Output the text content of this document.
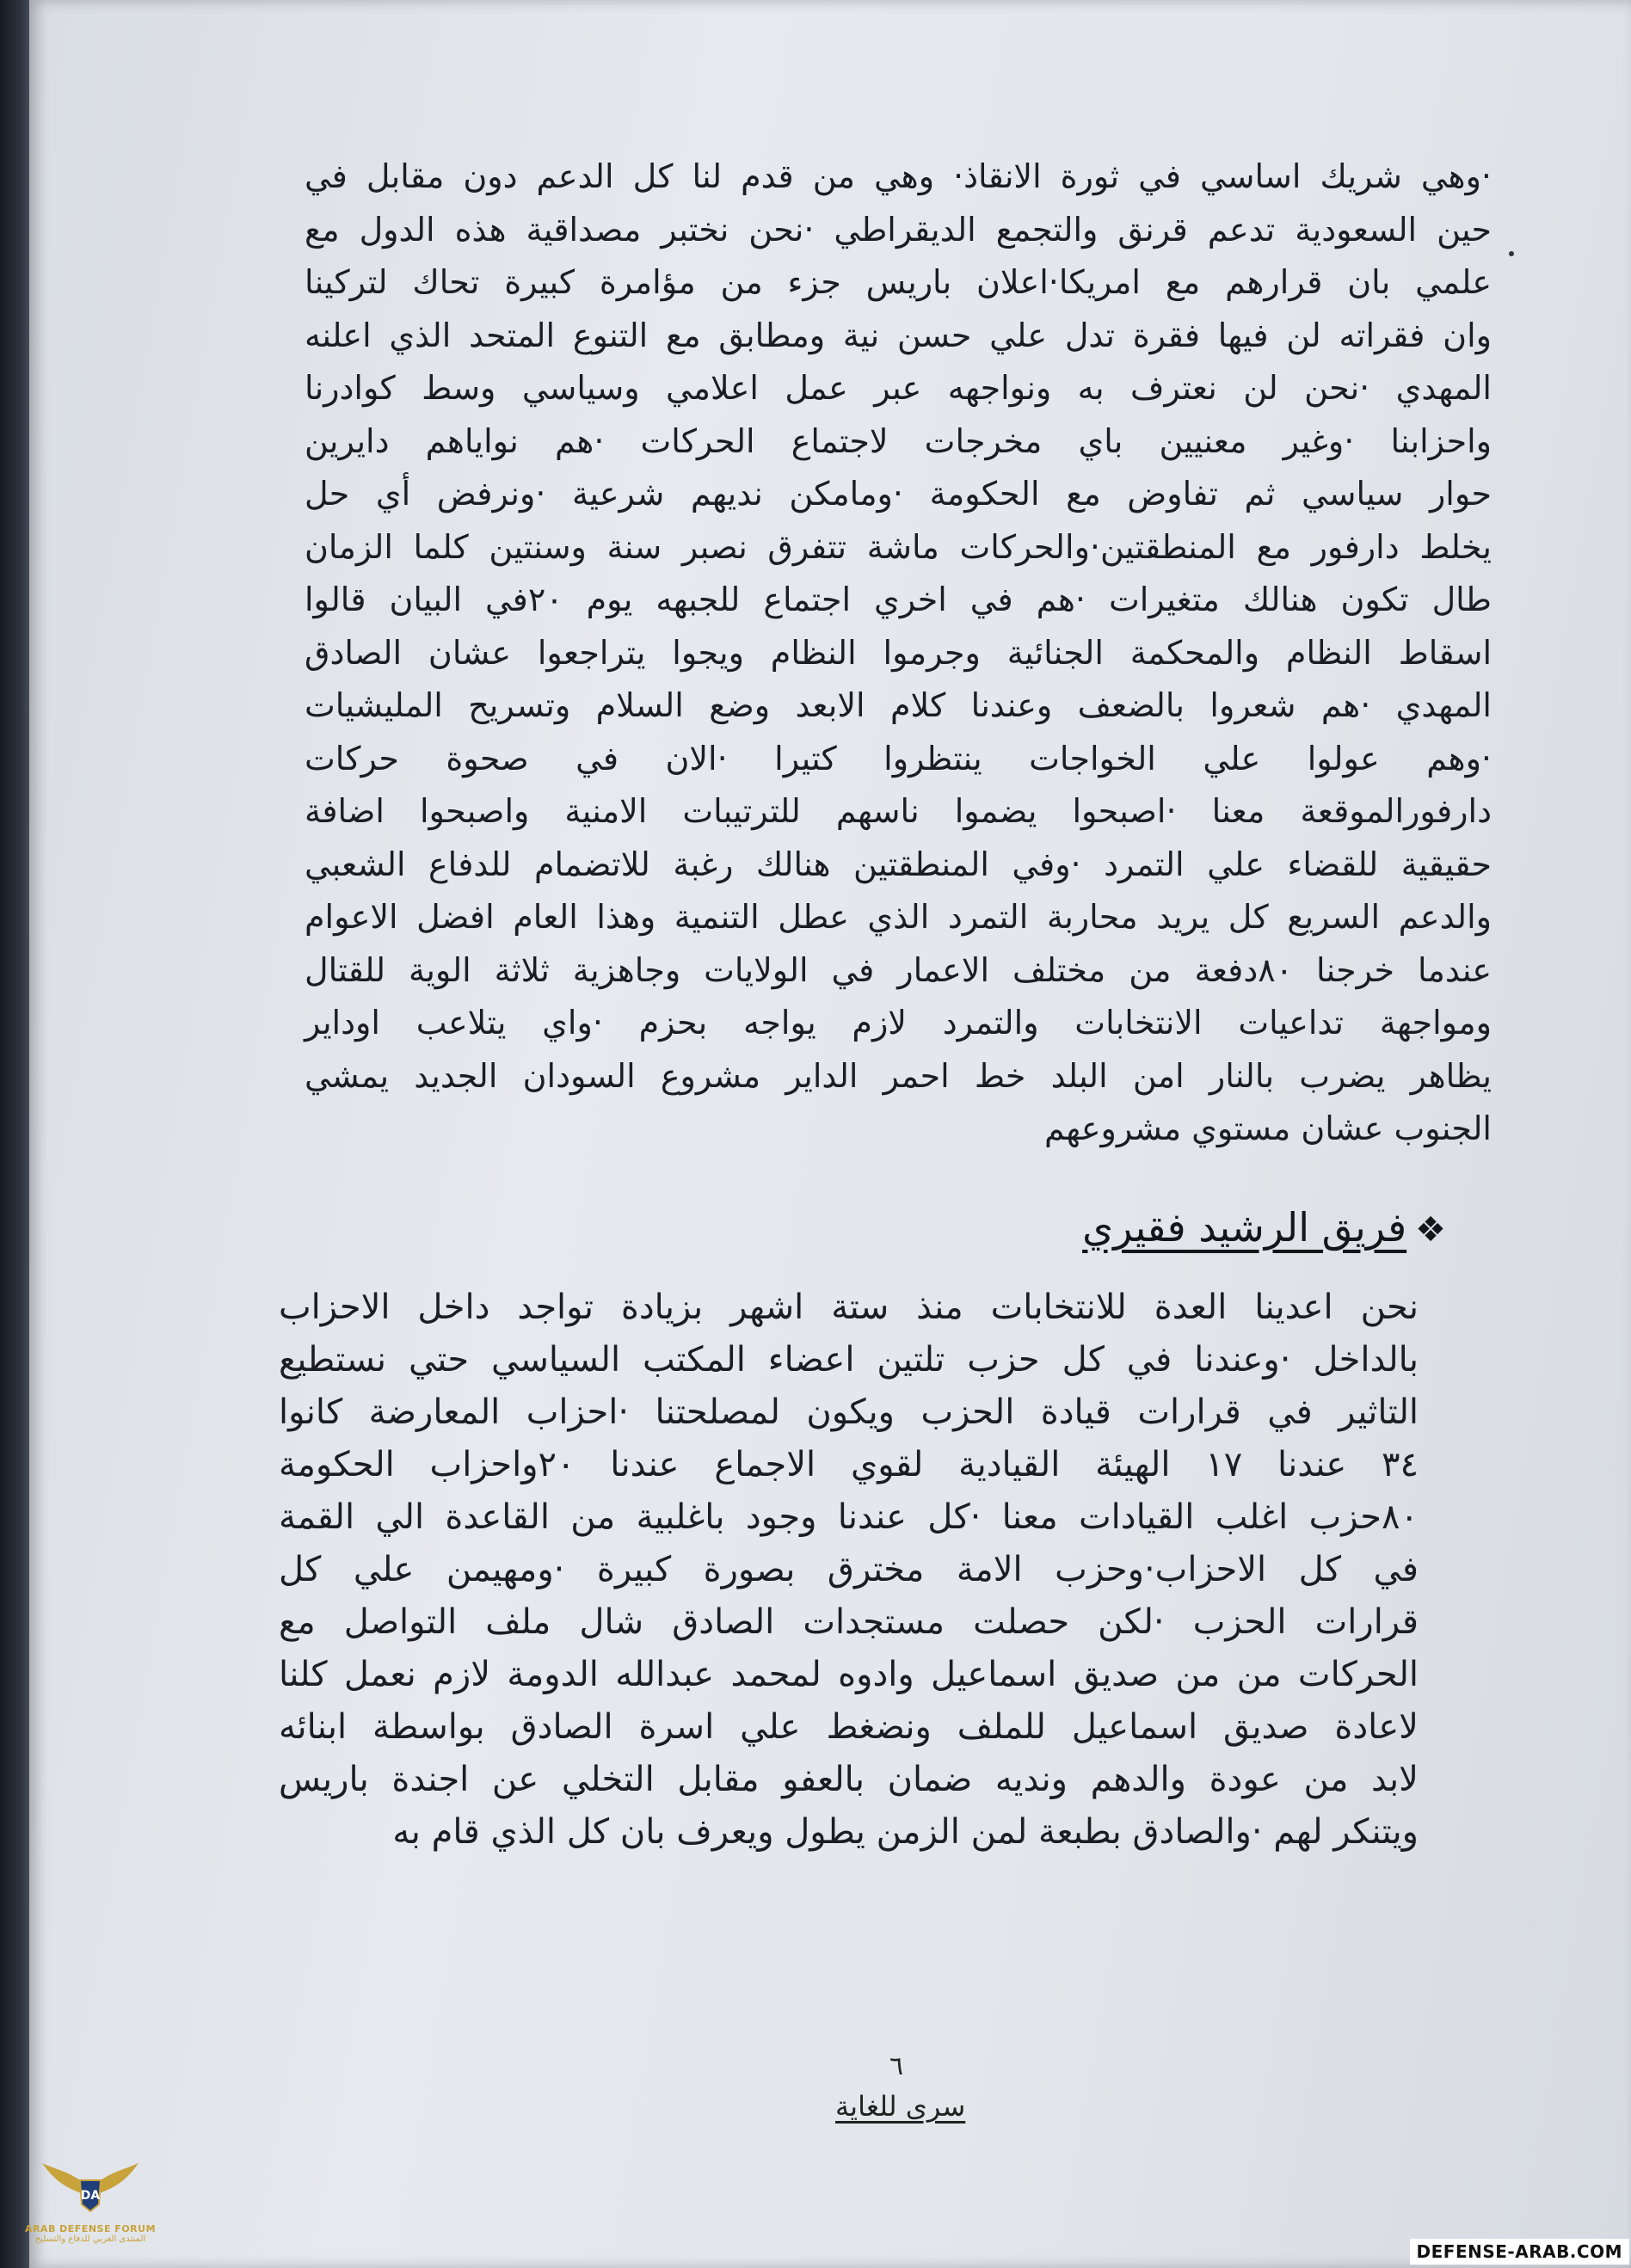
·وهي شريك اساسي في ثورة الانقاذ· وهي من قدم لنا كل الدعم دون مقابل في
حين السعودية تدعم قرنق والتجمع الديقراطي ·نحن نختبر مصداقية هذه الدول مع
علمي بان قرارهم مع امريكا·اعلان باريس جزء من مؤامرة كبيرة تحاك لتركينا
وان فقراته لن فيها فقرة تدل علي حسن نية ومطابق مع التنوع المتحد الذي اعلنه
المهدي ·نحن لن نعترف به ونواجهه عبر عمل اعلامي وسياسي وسط كوادرنا
واحزابنا ·وغير معنيين باي مخرجات لاجتماع الحركات ·هم نواياهم دايرين
حوار سياسي ثم تفاوض مع الحكومة ·ومامكن نديهم شرعية ·ونرفض أي حل
يخلط دارفور مع المنطقتين·والحركات ماشة تتفرق نصبر سنة وسنتين كلما الزمان
طال تكون هنالك متغيرات ·هم في اخري اجتماع للجبهه يوم ٢٠في البيان قالوا
اسقاط النظام والمحكمة الجنائية وجرموا النظام ويجوا يتراجعوا عشان الصادق
المهدي ·هم شعروا بالضعف وعندنا كلام الابعد وضع السلام وتسريح المليشيات
·وهم عولوا علي الخواجات ينتظروا كتيرا ·الان في صحوة حركات
دارفورالموقعة معنا ·اصبحوا يضموا ناسهم للترتيبات الامنية واصبحوا اضافة
حقيقية للقضاء علي التمرد ·وفي المنطقتين هنالك رغبة للاتضمام للدفاع الشعبي
والدعم السريع كل يريد محاربة التمرد الذي عطل التنمية وهذا العام افضل الاعوام
عندما خرجنا ٨٠دفعة من مختلف الاعمار في الولايات وجاهزية ثلاثة الوية للقتال
ومواجهة تداعيات الانتخابات والتمرد لازم يواجه بحزم ·واي يتلاعب اوداير
يظاهر يضرب بالنار امن البلد خط احمر الداير مشروع السودان الجديد يمشي
الجنوب عشان مستوي مشروعهم
❖فريق الرشيد فقيري
نحن اعدينا العدة للانتخابات منذ ستة اشهر بزيادة تواجد داخل الاحزاب
بالداخل ·وعندنا في كل حزب تلتين اعضاء المكتب السياسي حتي نستطيع
التاثير في قرارات قيادة الحزب ويكون لمصلحتنا ·احزاب المعارضة كانوا
٣٤ عندنا ١٧ الهيئة القيادية لقوي الاجماع عندنا ٢٠واحزاب الحكومة
٨٠حزب اغلب القيادات معنا ·كل عندنا وجود باغلبية من القاعدة الي القمة
في كل الاحزاب·وحزب الامة مخترق بصورة كبيرة ·ومهيمن علي كل
قرارات الحزب ·لكن حصلت مستجدات الصادق شال ملف التواصل مع
الحركات من من صديق اسماعيل وادوه لمحمد عبدالله الدومة لازم نعمل كلنا
لاعادة صديق اسماعيل للملف ونضغط علي اسرة الصادق بواسطة ابنائه
لابد من عودة والدهم ونديه ضمان بالعفو مقابل التخلي عن اجندة باريس
ويتنكر لهم ·والصادق بطبعة لمن الزمن يطول ويعرف بان كل الذي قام به
٦
سرى للغاية
DA
ARAB DEFENSE FORUM
المنتدى العربي للدفاع والتسليح
DEFENSE-ARAB.COM
